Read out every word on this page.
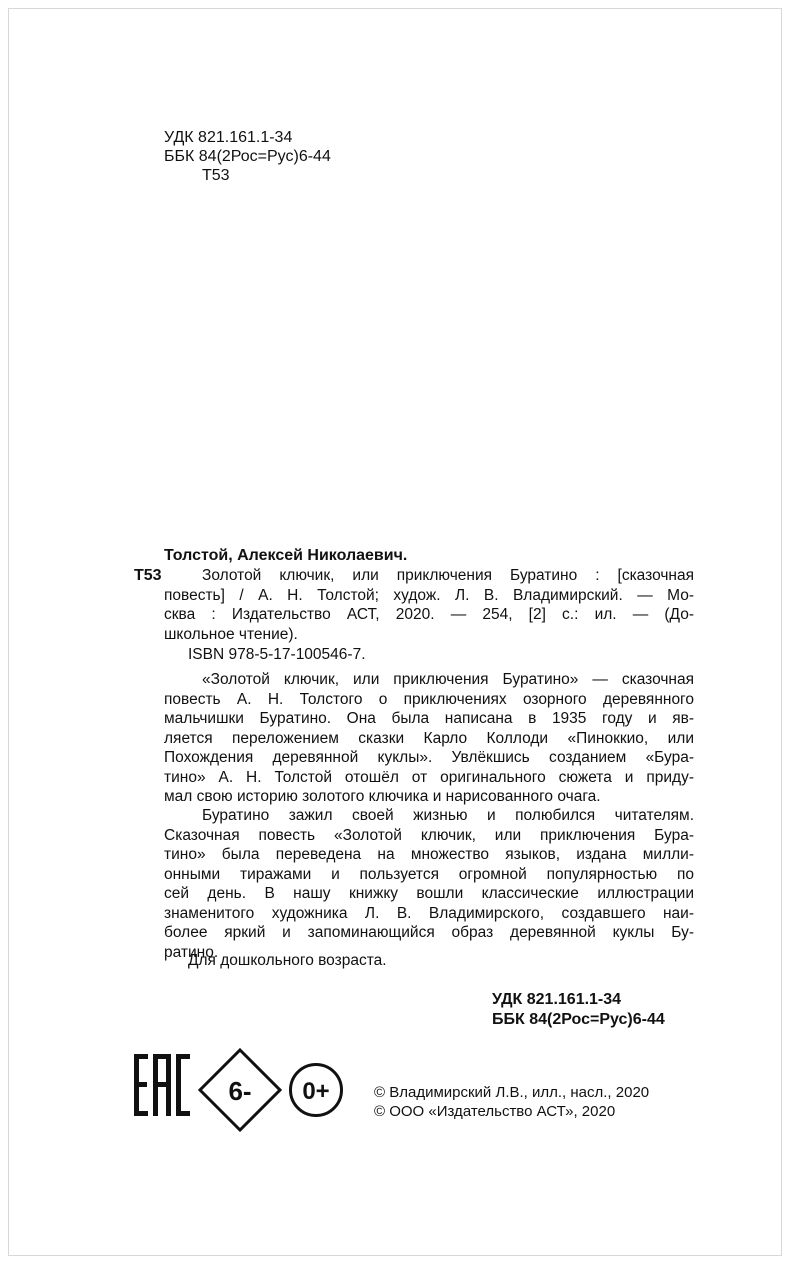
УДК 821.161.1-34
ББК 84(2Рос=Рус)6-44
Т53
Толстой, Алексей Николаевич.
Т53	Золотой ключик, или приключения Буратино : [сказочная
повесть] / А. Н. Толстой; худож. Л. В. Владимирский. — Мо-
сква : Издательство АСТ, 2020. — 254, [2] с.: ил. — (До-
школьное чтение).
ISBN 978-5-17-100546-7.
«Золотой ключик, или приключения Буратино» — сказочная
повесть А. Н. Толстого о приключениях озорного деревянного
мальчишки Буратино. Она была написана в 1935 году и яв-
ляется переложением сказки Карло Коллоди «Пиноккио, или
Похождения деревянной куклы». Увлёкшись созданием «Бура-
тино» А. Н. Толстой отошёл от оригинального сюжета и приду-
мал свою историю золотого ключика и нарисованного очага.
Буратино зажил своей жизнью и полюбился читателям.
Сказочная повесть «Золотой ключик, или приключения Бура-
тино» была переведена на множество языков, издана милли-
онными тиражами и пользуется огромной популярностью по
сей день. В нашу книжку вошли классические иллюстрации
знаменитого художника Л. В. Владимирского, создавшего наи-
более яркий и запоминающийся образ деревянной куклы Бу-
ратино.
Для дошкольного возраста.
УДК 821.161.1-34
ББК 84(2Рос=Рус)6-44
6- 0+	© Владимирский Л.В., илл., насл., 2020
© ООО «Издательство АСТ», 2020
